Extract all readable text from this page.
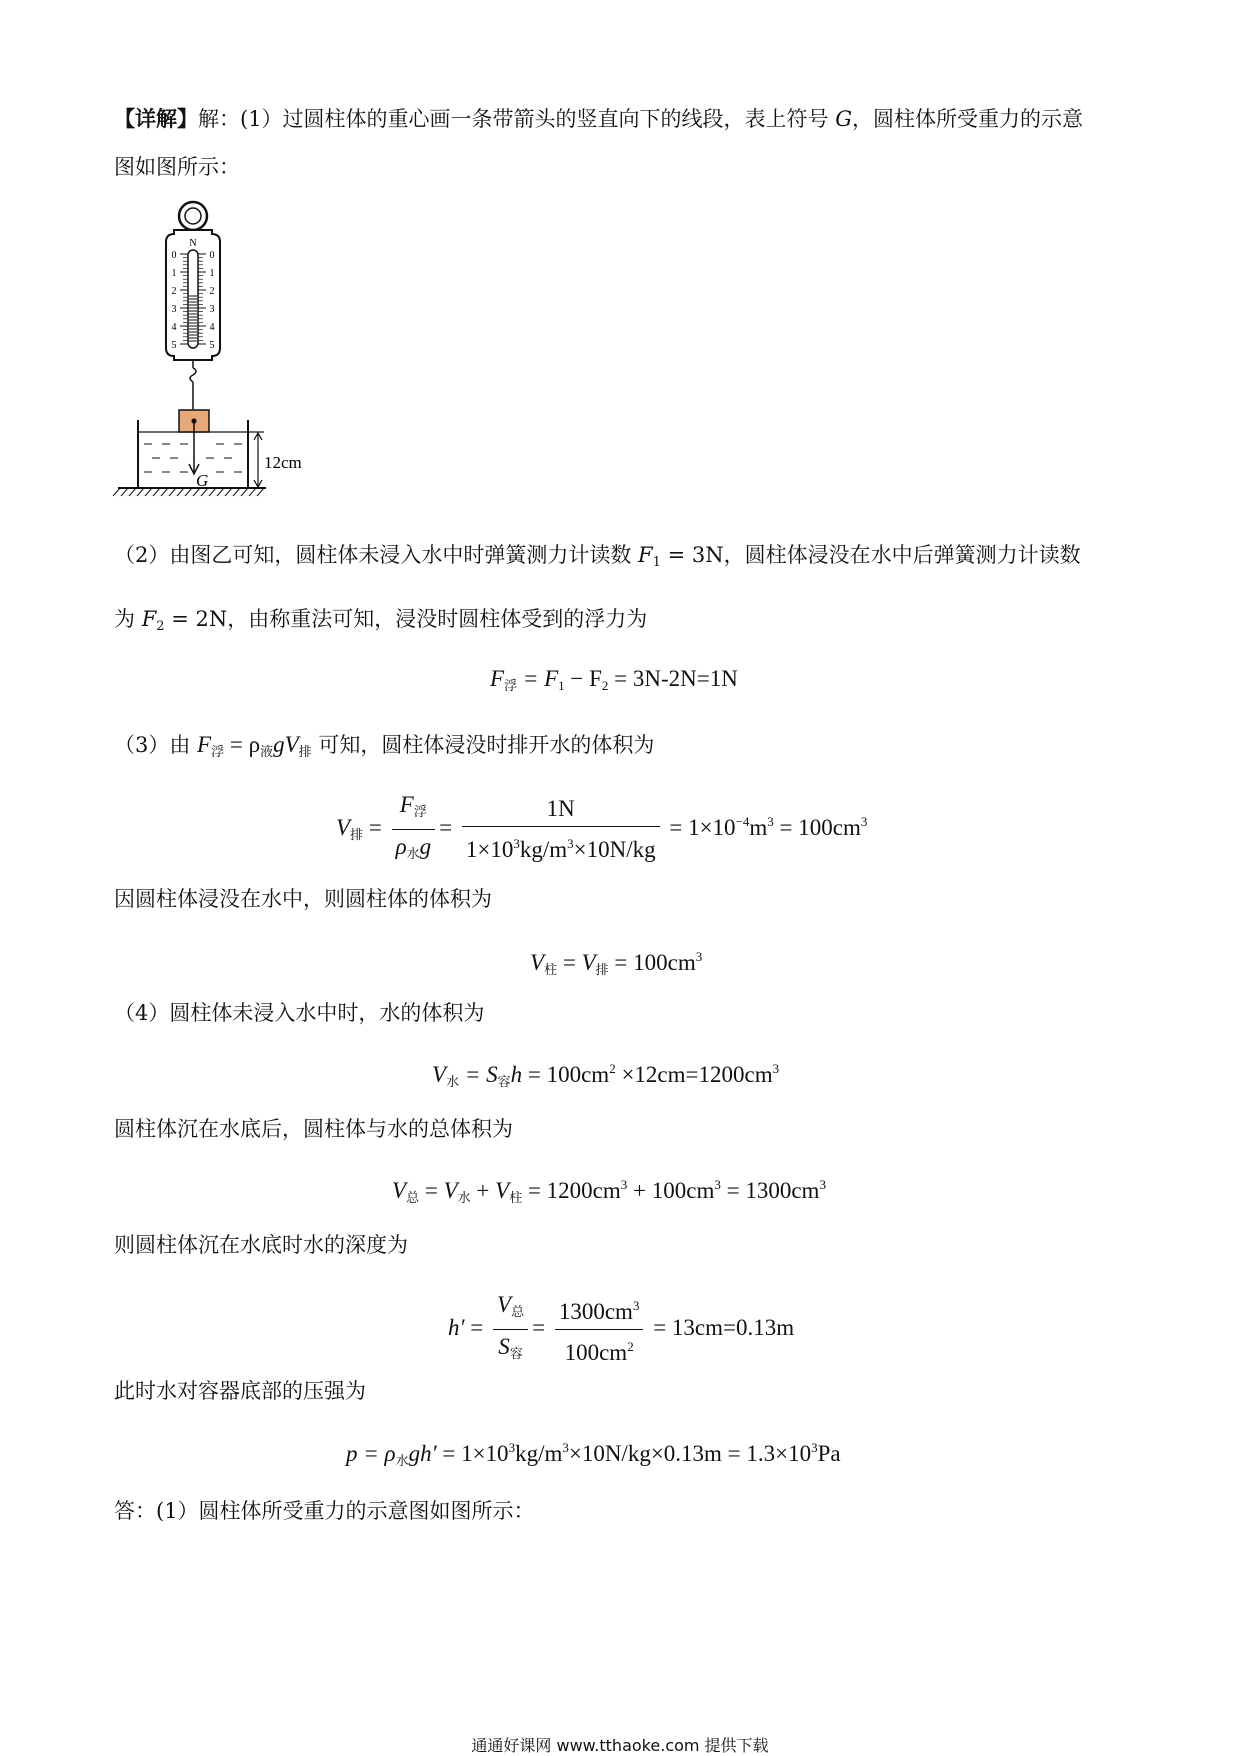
【详解】解：(1）过圆柱体的重心画一条带箭头的竖直向下的线段，表上符号 G，圆柱体所受重力的示意
图如图所示：
N
0	0
1	1
2	2
3	3
4	4
5	5
G
12cm
（2）由图乙可知，圆柱体未浸入水中时弹簧测力计读数 $F_1 = 3N$，圆柱体浸没在水中后弹簧测力计读数
为 $F_2 = 2N$，由称重法可知，浸没时圆柱体受到的浮力为
$F_浮 = F_1 - F_2 = 3N-2N=1N$
（3）由 $F_浮 = \rho_液gV_排$ 可知，圆柱体浸没时排开水的体积为
$V_排 = \frac{F_浮}{\rho_水g} = \frac{1N}{1\times 10^3kg/m^3\times 10N/kg} = 1\times 10^{-4}m^3 = 100cm^3$
因圆柱体浸没在水中，则圆柱体的体积为
$V_柱 = V_排 = 100cm^3$
（4）圆柱体未浸入水中时，水的体积为
$V_水 = S_容h = 100cm^2 \times 12cm=1200cm^3$
圆柱体沉在水底后，圆柱体与水的总体积为
$V_总 = V_水 + V_柱 = 1200cm^3 + 100cm^3 = 1300cm^3$
则圆柱体沉在水底时水的深度为
$h' = \frac{V_总}{S_容} = \frac{1300cm^3}{100cm^2} = 13cm=0.13m$
此时水对容器底部的压强为
$p = \rho_水gh' = 1\times 10^3kg/m^3\times 10N/kg\times 0.13m = 1.3\times 10^3Pa$
答：(1）圆柱体所受重力的示意图如图所示：
通通好课网 www.tthaoke.com 提供下载
